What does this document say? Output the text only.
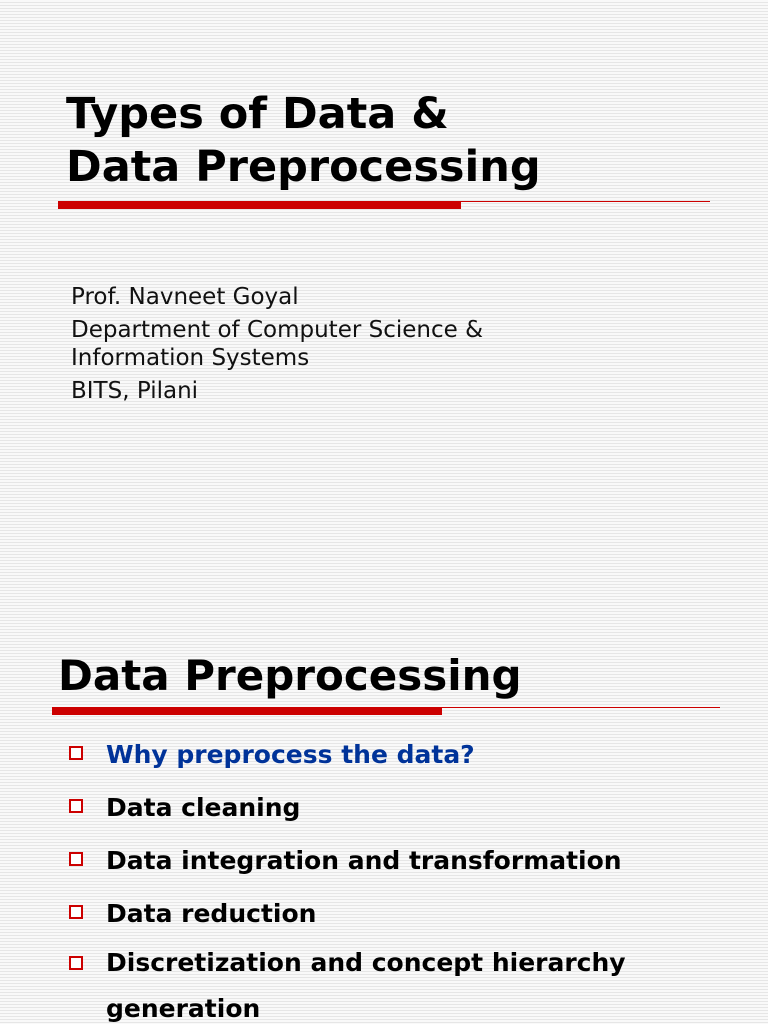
Types of Data &
Data Preprocessing
Prof. Navneet Goyal
Department of Computer Science &
Information Systems
BITS, Pilani
Data Preprocessing
Why preprocess the data?
Data cleaning
Data integration and transformation
Data reduction
Discretization and concept hierarchy
generation
